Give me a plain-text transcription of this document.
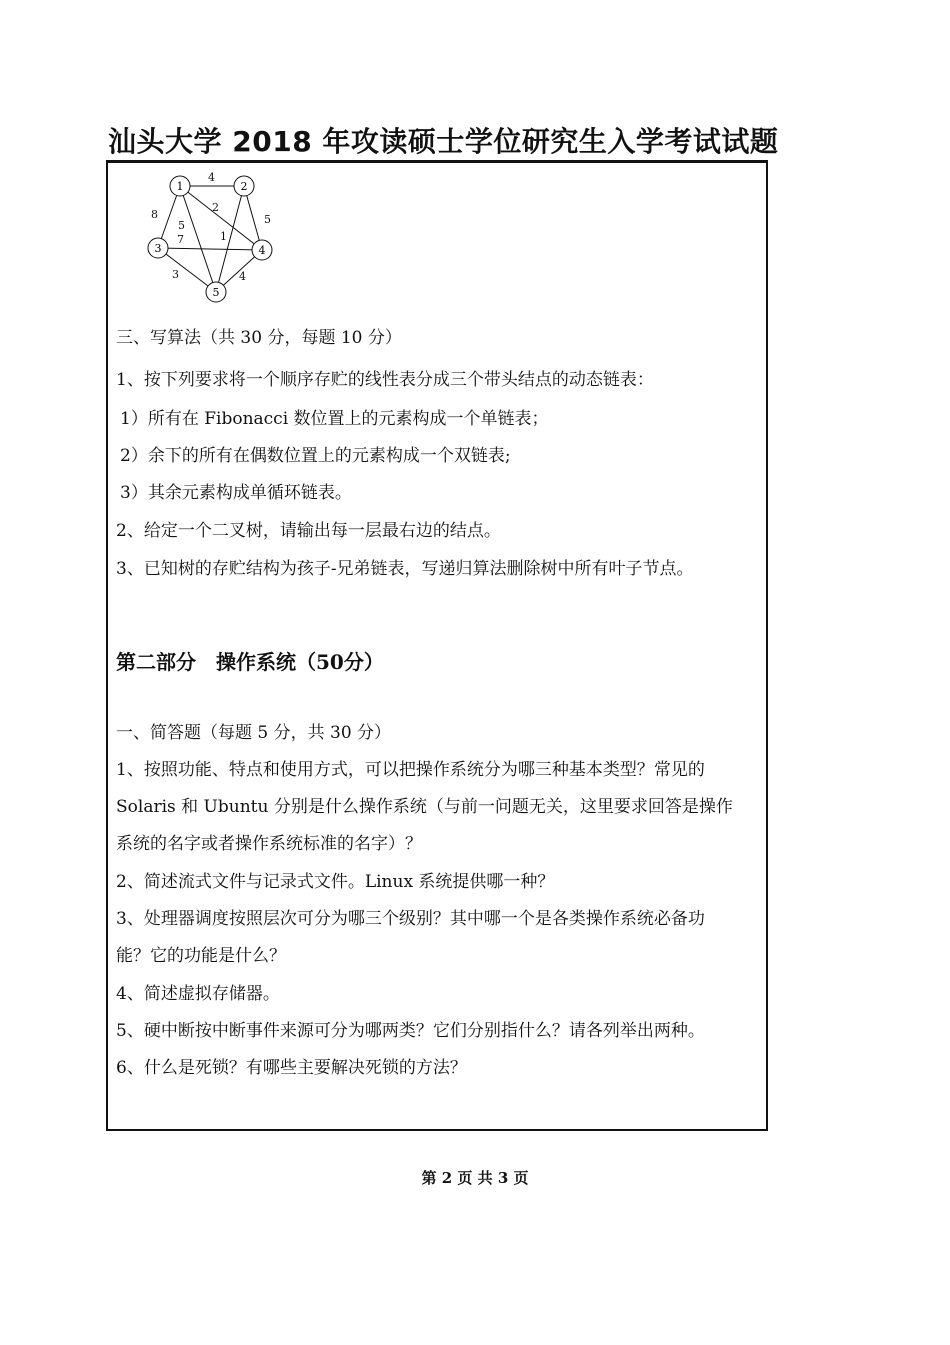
汕头大学 2018 年攻读硕士学位研究生入学考试试题
4
8
2
5	5
1
7
3	4
1	2
3	4
5
三、写算法（共 30 分，每题 10 分）
1、按下列要求将一个顺序存贮的线性表分成三个带头结点的动态链表：
1）所有在 Fibonacci 数位置上的元素构成一个单链表；
2）余下的所有在偶数位置上的元素构成一个双链表;
3）其余元素构成单循环链表。
2、给定一个二叉树，请输出每一层最右边的结点。
3、已知树的存贮结构为孩子-兄弟链表，写递归算法删除树中所有叶子节点。
第二部分　操作系统（50分）
一、简答题（每题 5 分，共 30 分）
1、按照功能、特点和使用方式，可以把操作系统分为哪三种基本类型？常见的
Solaris 和 Ubuntu 分别是什么操作系统（与前一问题无关，这里要求回答是操作
系统的名字或者操作系统标准的名字）？
2、简述流式文件与记录式文件。Linux 系统提供哪一种？
3、处理器调度按照层次可分为哪三个级别？其中哪一个是各类操作系统必备功
能？它的功能是什么？
4、简述虚拟存储器。
5、硬中断按中断事件来源可分为哪两类？它们分别指什么？请各列举出两种。
6、什么是死锁？有哪些主要解决死锁的方法？
第 2 页 共 3 页
